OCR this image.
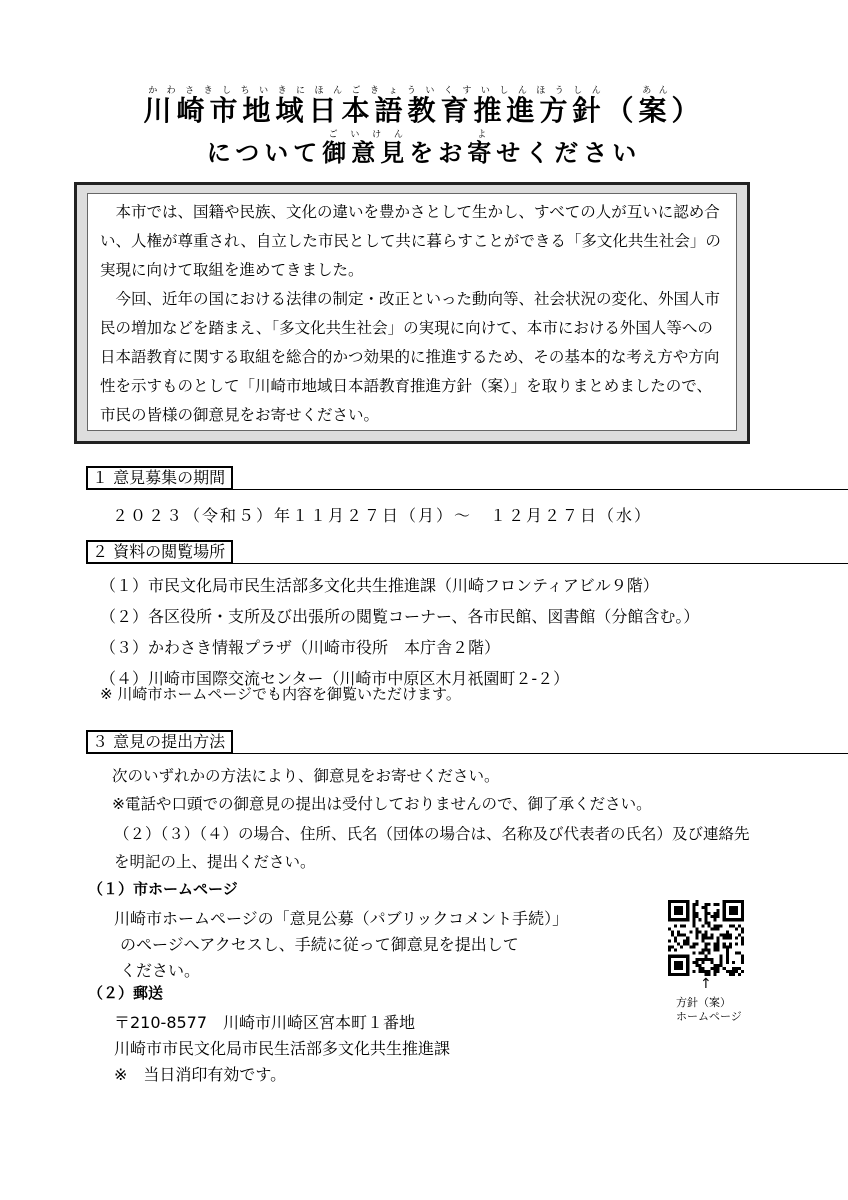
川崎市地域日本語教育推進方針かわさきしちいきにほんごきょういくすいしんほうしん（案あん）
について御意見ごいけんをお寄よせください

本市では、国籍や民族、文化の違いを豊かさとして生かし、すべての人が互いに認め合い、人権が尊重され、自立した市民として共に暮らすことができる「多文化共生社会」の実現に向けて取組を進めてきました。

今回、近年の国における法律の制定・改正といった動向等、社会状況の変化、外国人市民の増加などを踏まえ、「多文化共生社会」の実現に向けて、本市における外国人等への日本語教育に関する取組を総合的かつ効果的に推進するため、その基本的な考え方や方向性を示すものとして「川崎市地域日本語教育推進方針（案）」を取りまとめましたので、市民の皆様の御意見をお寄せください。

１ 意見募集の期間
２０２３（令和５）年１１月２７日（月）～　１２月２７日（水）
２ 資料の閲覧場所
（１）市民文化局市民生活部多文化共生推進課（川崎フロンティアビル９階）
（２）各区役所・支所及び出張所の閲覧コーナー、各市民館、図書館（分館含む。）
（３）かわさき情報プラザ（川崎市役所　本庁舎２階）
（４）川崎市国際交流センター（川崎市中原区木月祇園町２-２）
※ 川崎市ホームページでも内容を御覧いただけます。
３ 意見の提出方法
次のいずれかの方法により、御意見をお寄せください。
※電話や口頭での御意見の提出は受付しておりませんので、御了承ください。
（２）（３）（４）の場合、住所、氏名（団体の場合は、名称及び代表者の氏名）及び連絡先を明記の上、提出ください。
（１）市ホームページ
川崎市ホームページの「意見公募（パブリックコメント手続）」
のページへアクセスし、手続に従って御意見を提出して
ください。
↑
方針（案）
ホームページ
（２）郵送
〒210-8577　川崎市川崎区宮本町１番地
川崎市市民文化局市民生活部多文化共生推進課
※　当日消印有効です。
